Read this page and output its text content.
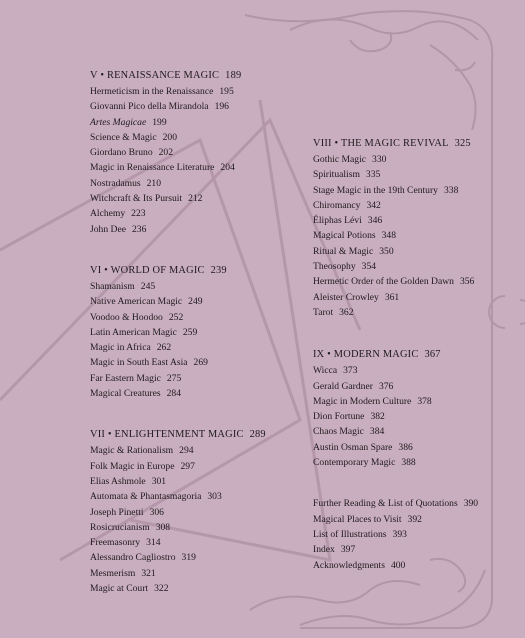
V • RENAISSANCE MAGIC 189
Hermeticism in the Renaissance 195
Giovanni Pico della Mirandola 196
Artes Magicae 199
Science & Magic 200
Giordano Bruno 202
Magic in Renaissance Literature 204
Nostradamus 210
Witchcraft & Its Pursuit 212
Alchemy 223
John Dee 236
VI • WORLD OF MAGIC 239
Shamanism 245
Native American Magic 249
Voodoo & Hoodoo 252
Latin American Magic 259
Magic in Africa 262
Magic in South East Asia 269
Far Eastern Magic 275
Magical Creatures 284
VII • ENLIGHTENMENT MAGIC 289
Magic & Rationalism 294
Folk Magic in Europe 297
Elias Ashmole 301
Automata & Phantasmagoria 303
Joseph Pinetti 306
Rosicrucianism 308
Freemasonry 314
Alessandro Cagliostro 319
Mesmerism 321
Magic at Court 322
VIII • THE MAGIC REVIVAL 325
Gothic Magic 330
Spiritualism 335
Stage Magic in the 19th Century 338
Chiromancy 342
Éliphas Lévi 346
Magical Potions 348
Ritual & Magic 350
Theosophy 354
Hermetic Order of the Golden Dawn 356
Aleister Crowley 361
Tarot 362
IX • MODERN MAGIC 367
Wicca 373
Gerald Gardner 376
Magic in Modern Culture 378
Dion Fortune 382
Chaos Magic 384
Austin Osman Spare 386
Contemporary Magic 388
Further Reading & List of Quotations 390
Magical Places to Visit 392
List of Illustrations 393
Index 397
Acknowledgments 400
